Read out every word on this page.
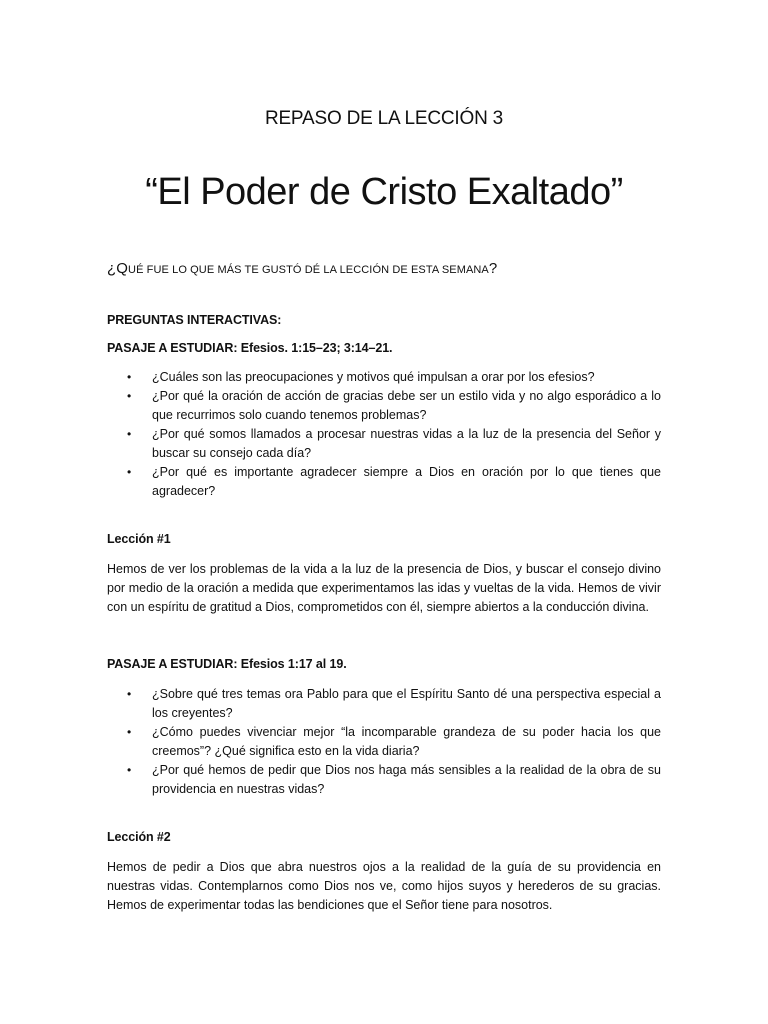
REPASO DE LA LECCIÓN 3
“El Poder de Cristo Exaltado”
¿QUÉ FUE LO QUE MÁS TE GUSTÓ DÉ LA LECCIÓN DE ESTA SEMANA?
PREGUNTAS INTERACTIVAS:
PASAJE A ESTUDIAR: Efesios. 1:15–23; 3:14–21.
• ¿Cuáles son las preocupaciones y motivos qué impulsan a orar por los efesios?
• ¿Por qué la oración de acción de gracias debe ser un estilo vida y no algo esporádico a lo que recurrimos solo cuando tenemos problemas?
• ¿Por qué somos llamados a procesar nuestras vidas a la luz de la presencia del Señor y buscar su consejo cada día?
• ¿Por qué es importante agradecer siempre a Dios en oración por lo que tienes que agradecer?
Lección #1

Hemos de ver los problemas de la vida a la luz de la presencia de Dios, y buscar el consejo divino por medio de la oración a medida que experimentamos las idas y vueltas de la vida. Hemos de vivir con un espíritu de gratitud a Dios, comprometidos con él, siempre abiertos a la conducción divina.

PASAJE A ESTUDIAR: Efesios 1:17 al 19.
• ¿Sobre qué tres temas ora Pablo para que el Espíritu Santo dé una perspectiva especial a los creyentes?
• ¿Cómo puedes vivenciar mejor “la incomparable grandeza de su poder hacia los que creemos”? ¿Qué significa esto en la vida diaria?
• ¿Por qué hemos de pedir que Dios nos haga más sensibles a la realidad de la obra de su providencia en nuestras vidas?
Lección #2

Hemos de pedir a Dios que abra nuestros ojos a la realidad de la guía de su providencia en nuestras vidas. Contemplarnos como Dios nos ve, como hijos suyos y herederos de su gracias. Hemos de experimentar todas las bendiciones que el Señor tiene para nosotros.
